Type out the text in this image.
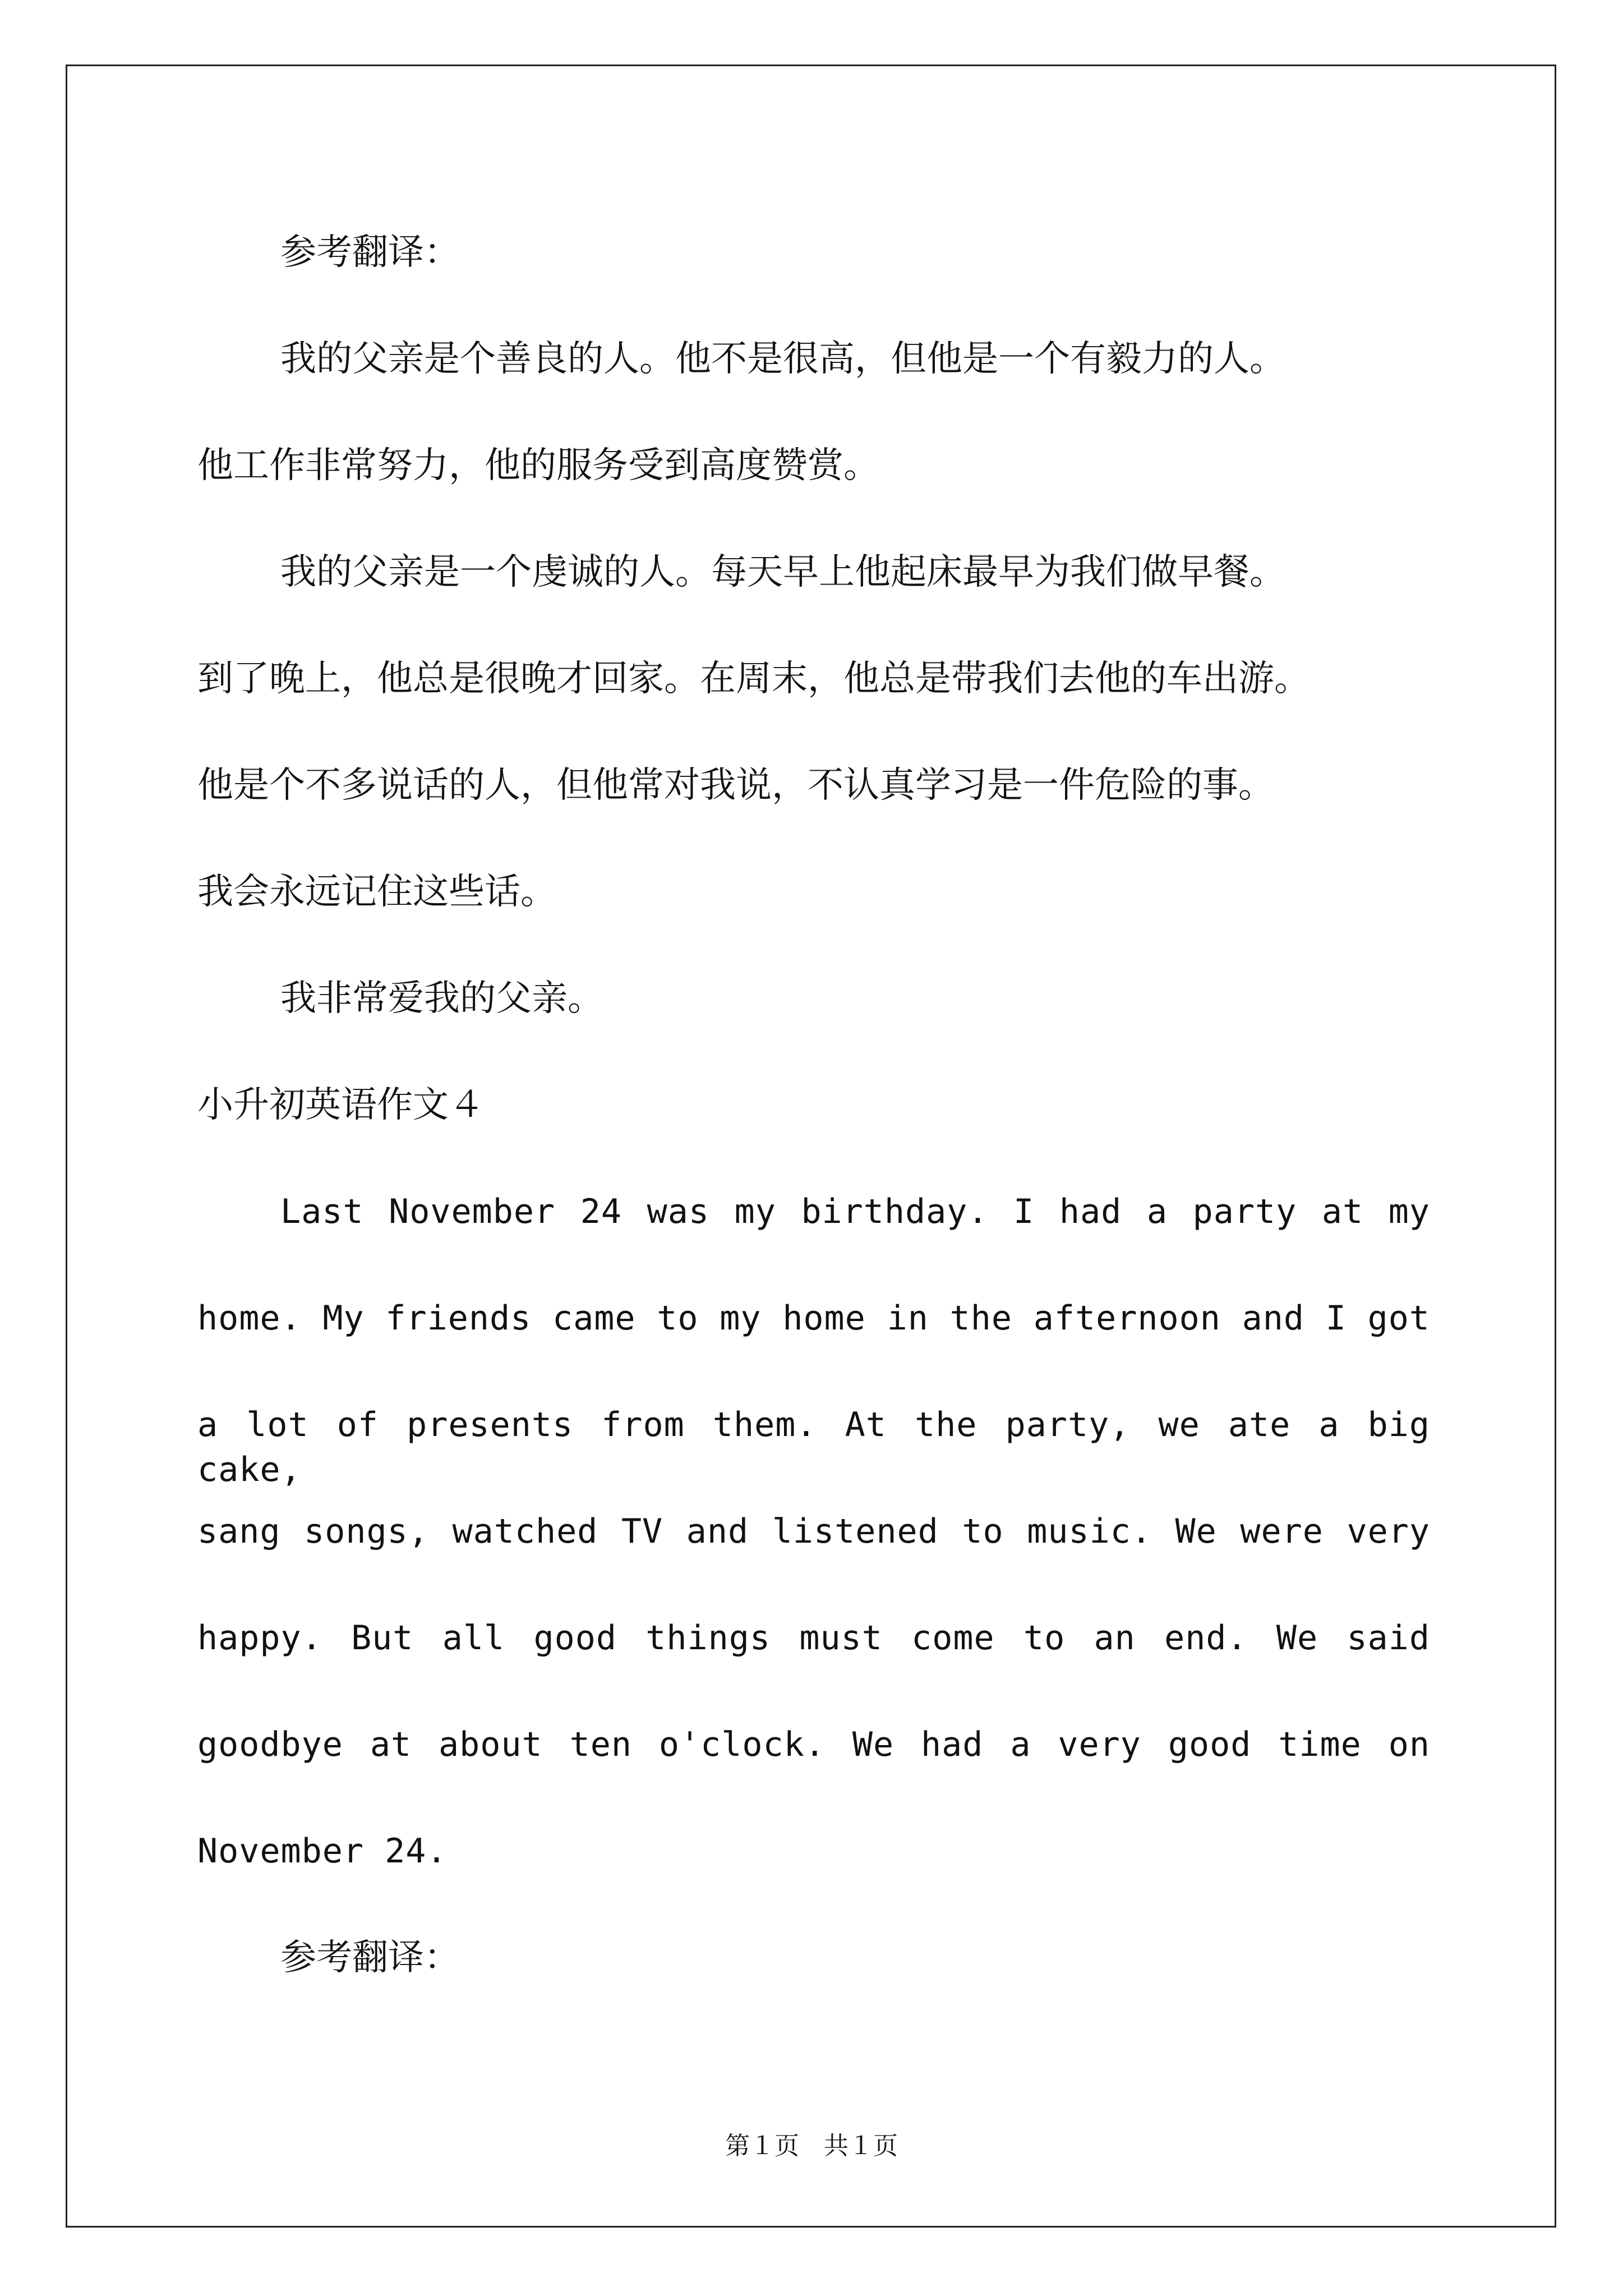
参考翻译：
我的父亲是个善良的人。他不是很高，但他是一个有毅力的人。
他工作非常努力，他的服务受到高度赞赏。
我的父亲是一个虔诚的人。每天早上他起床最早为我们做早餐。
到了晚上，他总是很晚才回家。在周末，他总是带我们去他的车出游。
他是个不多说话的人，但他常对我说，不认真学习是一件危险的事。
我会永远记住这些话。
我非常爱我的父亲。
小升初英语作文４
Last November 24 was my birthday. I had a party at my
home. My friends came to my home in the afternoon and I got
a lot of presents from them. At the party, we ate a big cake,
sang songs, watched TV and listened to music. We were very
happy. But all good things must come to an end. We said
goodbye at about ten o'clock. We had a very good time on
November 24.
参考翻译：
第１页　共１页
